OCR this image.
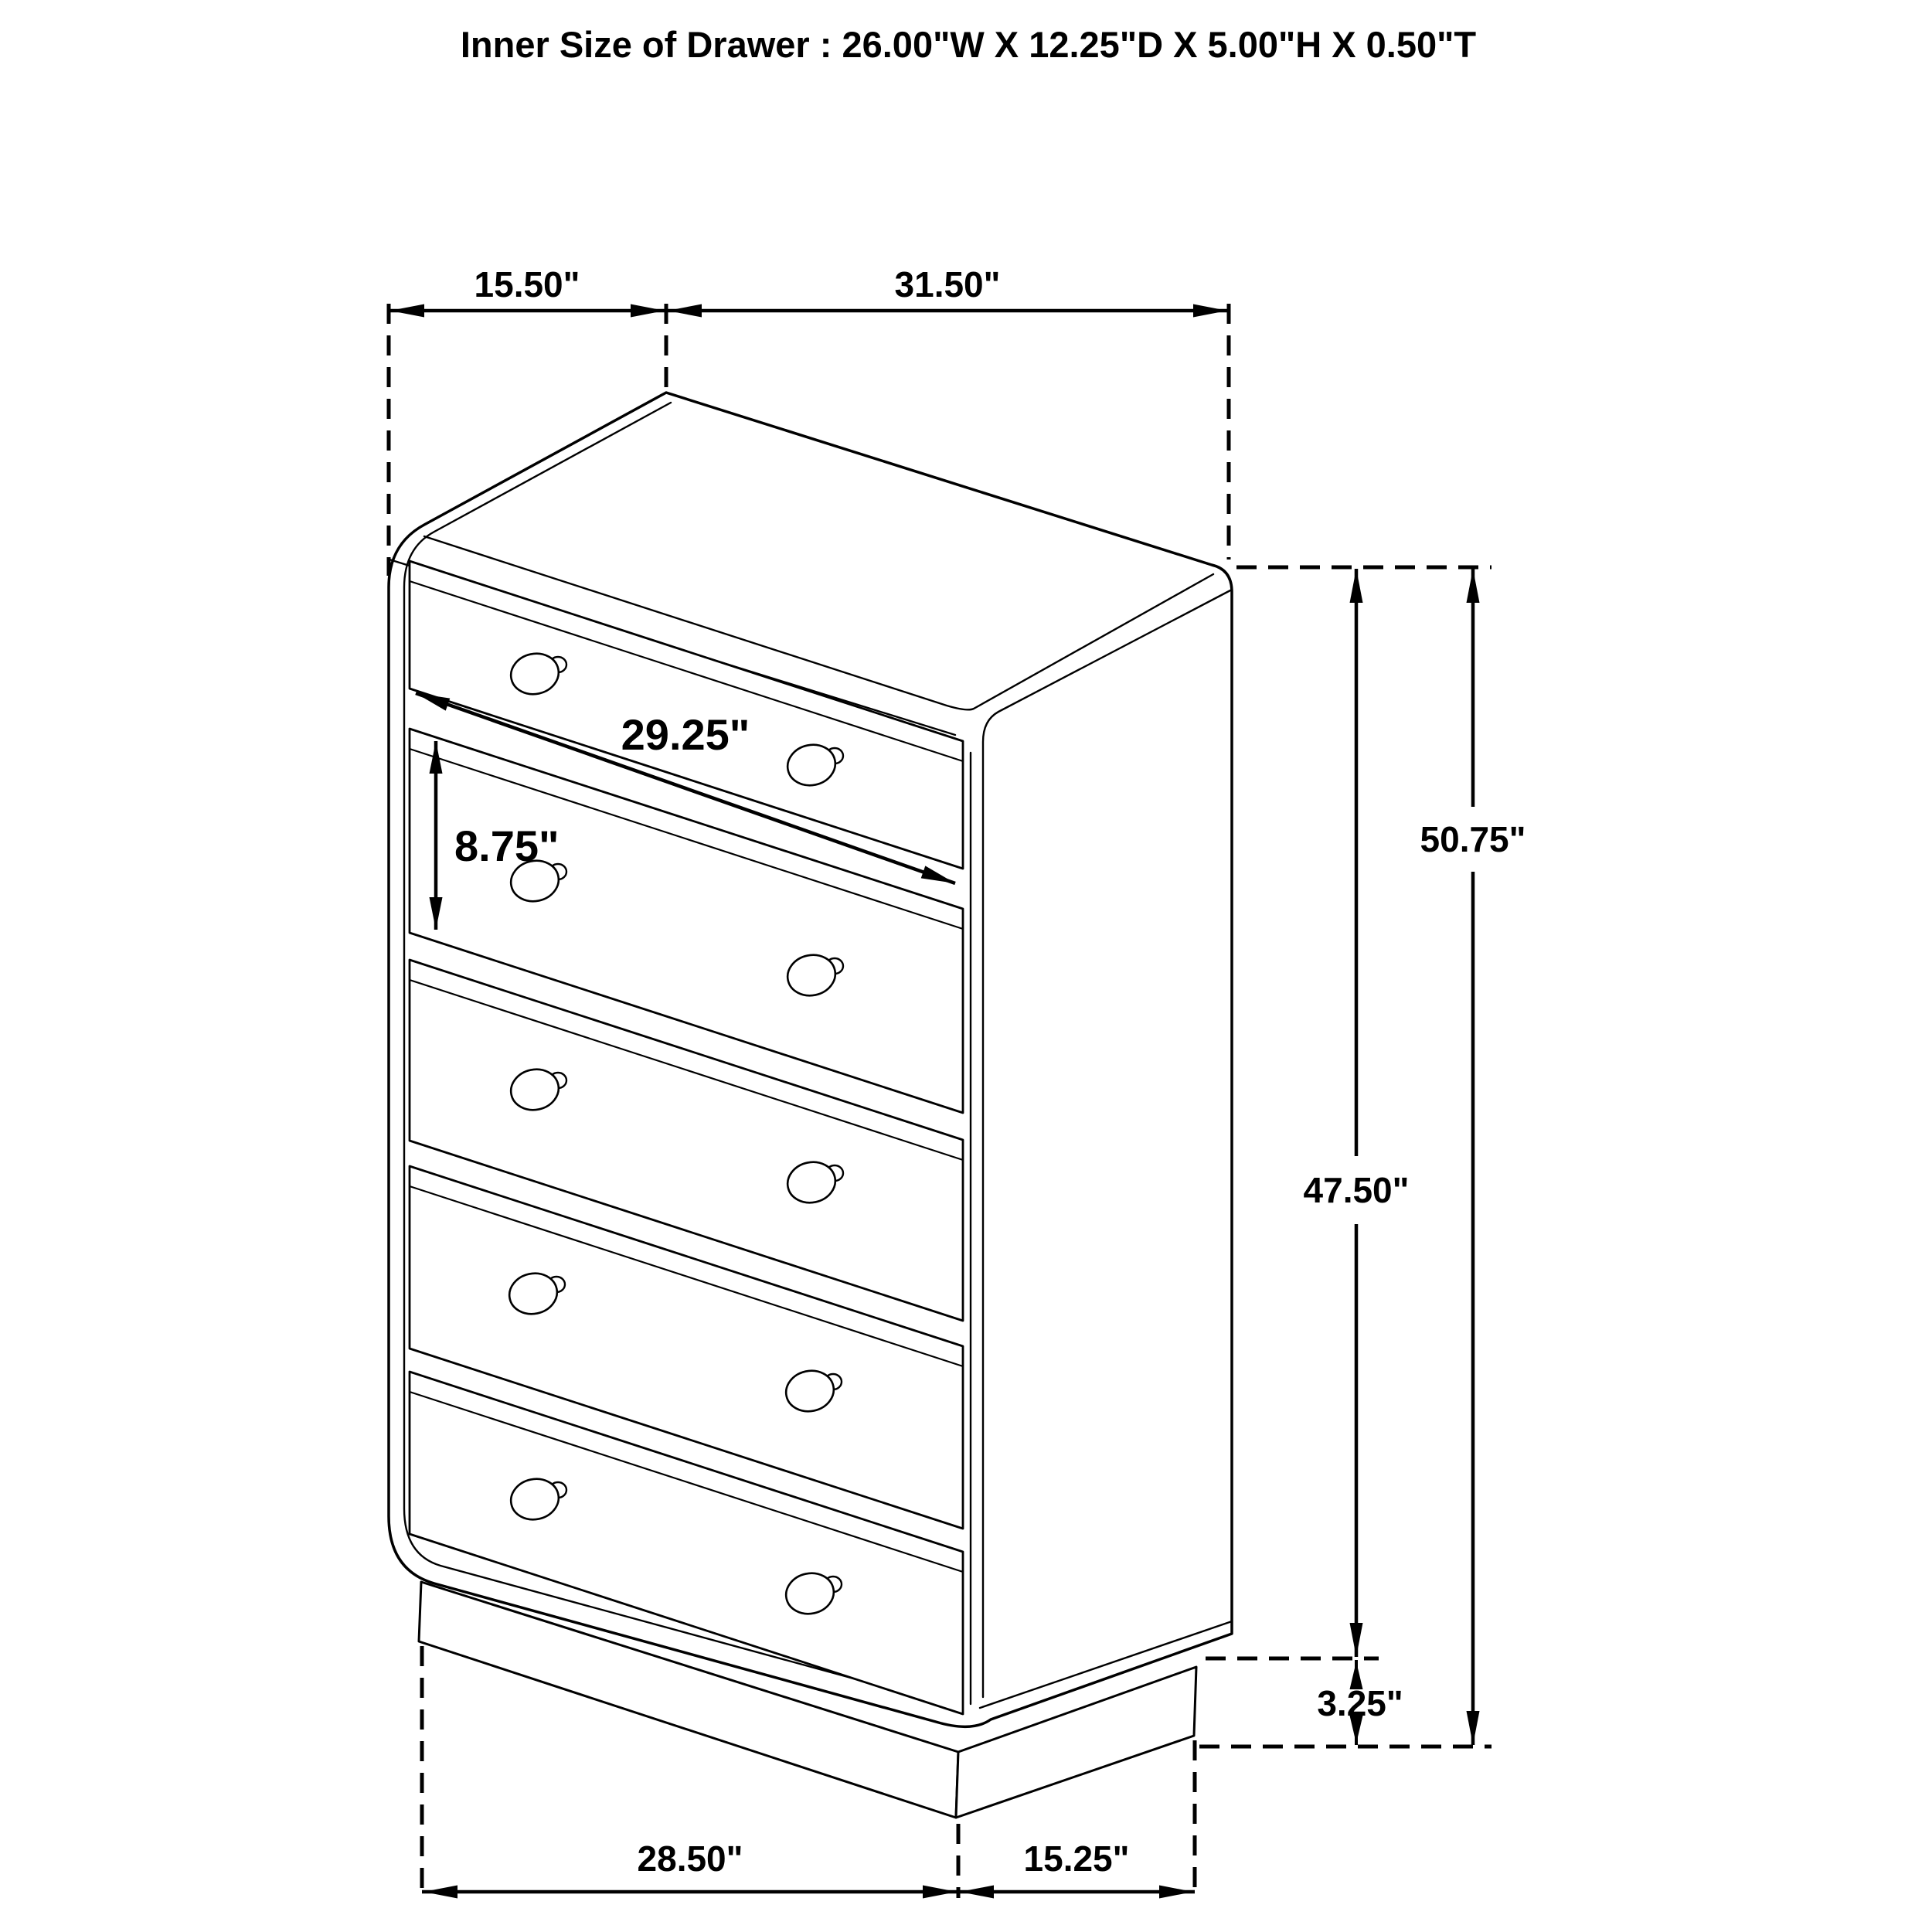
Inner Size of Drawer : 26.00"W X 12.25"D X 5.00"H X 0.50"T
15.50"	31.50"
47.50"
50.75"
3.25"
28.50"	15.25"
29.25"
8.75"
